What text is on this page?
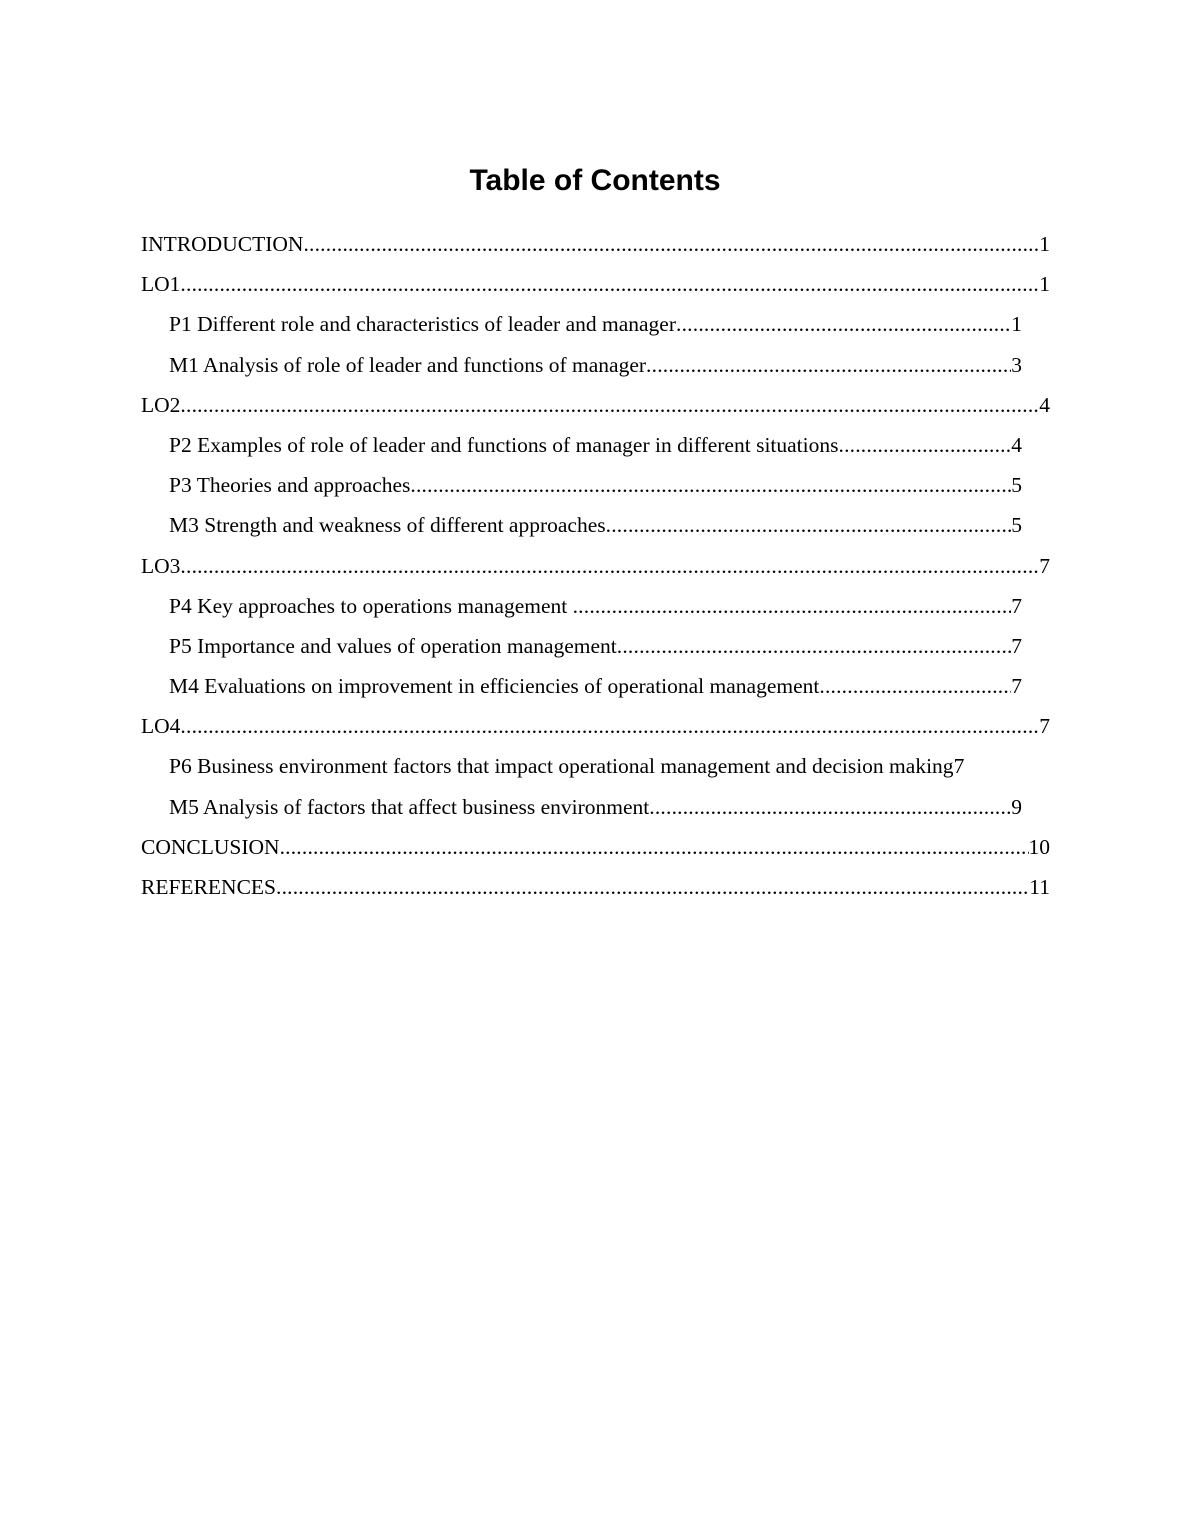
Table of Contents
INTRODUCTION .....	1
LO1 .....	1
P1 Different role and characteristics of leader and manager .....	1
M1 Analysis of role of leader and functions of manager .....	3
LO2 .....	4
P2 Examples of role of leader and functions of manager in different situations .....	4
P3 Theories and approaches .....	5
M3 Strength and weakness of different approaches .....	5
LO3 .....	7
P4 Key approaches to operations management .....	7
P5 Importance and values of operation management .....	7
M4 Evaluations on improvement in efficiencies of operational management .....	7
LO4 .....	7
P6 Business environment factors that impact operational management and decision making 7
M5 Analysis of factors that affect business environment .....	9
CONCLUSION .....	10
REFERENCES .....	11
